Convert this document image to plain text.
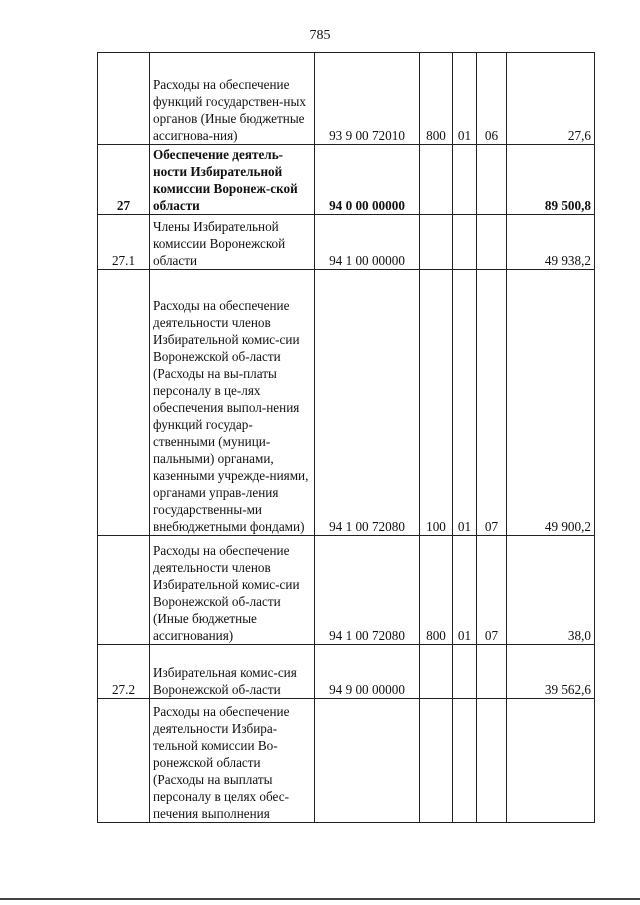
785
	Расходы на обеспечение функций государствен-ных органов (Иные бюджетные ассигнова-ния)	93 9 00 72010	800	01	06	27,6
27	Обеспечение деятель-ности Избирательной комиссии Воронеж-ской области	94 0 00 00000				89 500,8
27.1	Члены Избирательной комиссии Воронежской области	94 1 00 00000				49 938,2
	Расходы на обеспечение деятельности членов Избирательной комис-сии Воронежской об-ласти (Расходы на вы-платы персоналу в це-лях обеспечения выпол-нения функций государ-ственными (муници-пальными) органами, казенными учрежде-ниями, органами управ-ления государственны-ми внебюджетными фондами)	94 1 00 72080	100	01	07	49 900,2
	Расходы на обеспечение деятельности членов Избирательной комис-сии Воронежской об-ласти (Иные бюджетные ассигнования)	94 1 00 72080	800	01	07	38,0
27.2	Избирательная комис-сия Воронежской об-ласти	94 9 00 00000				39 562,6
	Расходы на обеспечение деятельности Избира-тельной комиссии Во-ронежской области (Расходы на выплаты персоналу в целях обес-печения выполнения					
